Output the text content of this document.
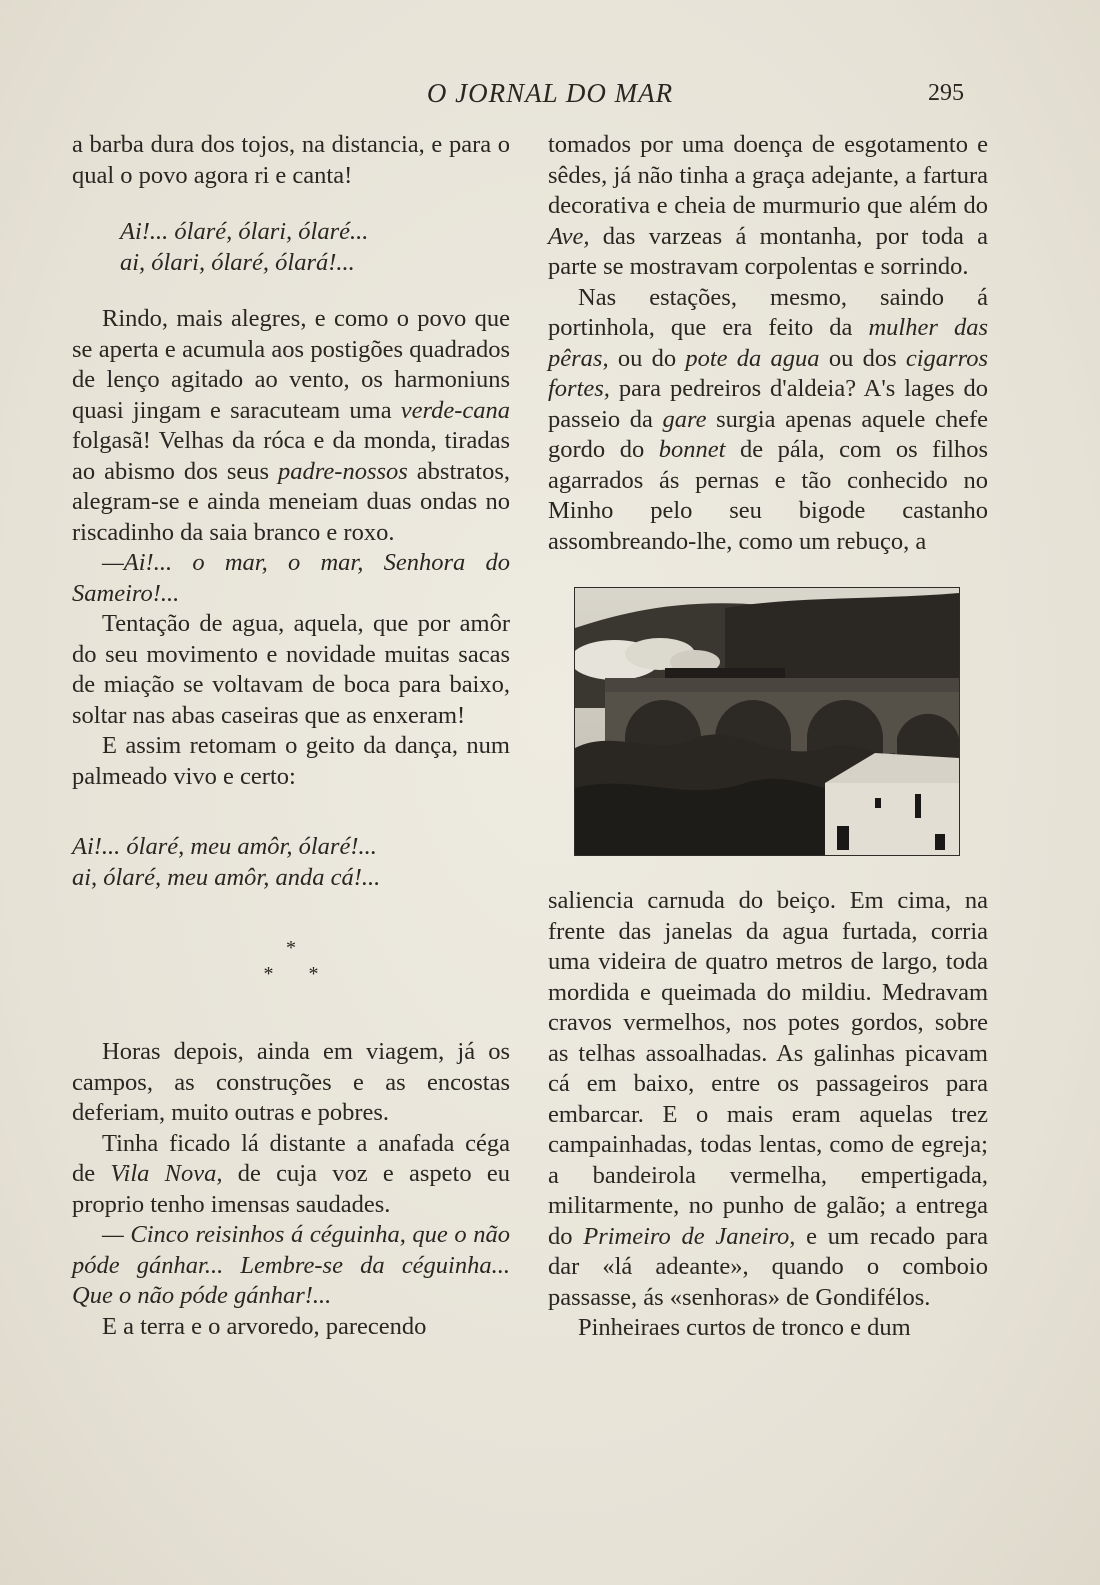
O JORNAL DO MAR	295

a barba dura dos tojos, na distancia, e para o qual o povo agora ri e canta!

Ai!... ólaré, ólari, ólaré...
ai, ólari, ólaré, ólará!...

Rindo, mais alegres, e como o povo que se aperta e acumula aos postigões quadrados de lenço agitado ao vento, os harmoniuns quasi jingam e saracuteam uma verde-cana folgasã! Velhas da róca e da monda, tiradas ao abismo dos seus padre-nossos abstratos, alegram-se e ainda meneiam duas ondas no riscadinho da saia branco e roxo.

—Ai!... o mar, o mar, Senhora do Sameiro!...

Tentação de agua, aquela, que por amôr do seu movimento e novidade muitas sacas de miação se voltavam de boca para baixo, soltar nas abas caseiras que as enxeram!

E assim retomam o geito da dança, num palmeado vivo e certo:

Ai!... ólaré, meu amôr, ólaré!...
ai, ólaré, meu amôr, anda cá!...
*
* *

Horas depois, ainda em viagem, já os campos, as construções e as encostas deferiam, muito outras e pobres.

Tinha ficado lá distante a anafada céga de Vila Nova, de cuja voz e aspeto eu proprio tenho imensas saudades.

— Cinco reisinhos á céguinha, que o não póde gánhar... Lembre-se da céguinha... Que o não póde gánhar!...

E a terra e o arvoredo, parecendo

tomados por uma doença de esgotamento e sêdes, já não tinha a graça adejante, a fartura decorativa e cheia de murmurio que além do Ave, das varzeas á montanha, por toda a parte se mostravam corpolentas e sorrindo.

Nas estações, mesmo, saindo á portinhola, que era feito da mulher das pêras, ou do pote da agua ou dos cigarros fortes, para pedreiros d'aldeia? A's lages do passeio da gare surgia apenas aquele chefe gordo do bonnet de pála, com os filhos agarrados ás pernas e tão conhecido no Minho pelo seu bigode castanho assombreando-lhe, como um rebuço, a

saliencia carnuda do beiço. Em cima, na frente das janelas da agua furtada, corria uma videira de quatro metros de largo, toda mordida e queimada do mildiu. Medravam cravos vermelhos, nos potes gordos, sobre as telhas assoalhadas. As galinhas picavam cá em baixo, entre os passageiros para embarcar. E o mais eram aquelas trez campainhadas, todas lentas, como de egreja; a bandeirola vermelha, empertigada, militarmente, no punho de galão; a entrega do Primeiro de Janeiro, e um recado para dar «lá adeante», quando o comboio passasse, ás «senhoras» de Gondifélos.

Pinheiraes curtos de tronco e dum
